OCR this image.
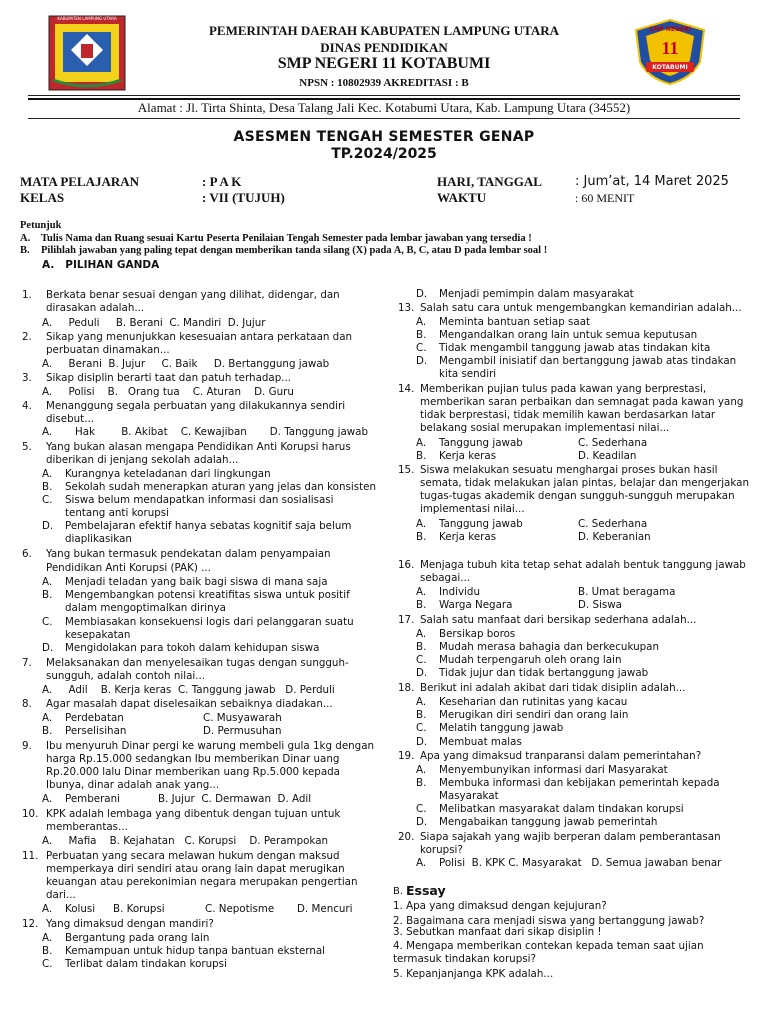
KABUPATEN LAMPUNG UTARA
SMP NEGERI
11
KOTABUMI
PEMERINTAH DAERAH KABUPATEN LAMPUNG UTARA
DINAS PENDIDIKAN
SMP NEGERI 11 KOTABUMI
NPSN : 10802939 AKREDITASI : B
Alamat : Jl. Tirta Shinta, Desa Talang Jali Kec. Kotabumi Utara, Kab. Lampung Utara (34552)
ASESMEN TENGAH SEMESTER GENAP
TP.2024/2025
MATA PELAJARAN	: P A K
KELAS	: VII (TUJUH)
HARI, TANGGAL	: Jum’at, 14 Maret 2025
WAKTU	: 60 MENIT
Petunjuk
A. Tulis Nama dan Ruang sesuai Kartu Peserta Penilaian Tengah Semester pada lembar jawaban yang tersedia !
B. Pilihlah jawaban yang paling tepat dengan memberikan tanda silang (X) pada A, B, C, atau D pada lembar soal !
A.   PILIHAN GANDA
Berkata benar sesuai dengan yang dilihat, didengar, dan
dirasakan adalah...
A.     Peduli     B. Berani  C. Mandiri  D. Jujur
Sikap yang menunjukkan kesesuaian antara perkataan dan
perbuatan dinamakan...
A.     Berani  B. Jujur     C. Baik     D. Bertanggung jawab
Sikap disiplin berarti taat dan patuh terhadap...
A.     Polisi    B.   Orang tua    C. Aturan    D. Guru
Menanggung segala perbuatan yang dilakukannya sendiri
disebut...
A.       Hak        B. Akibat    C. Kewajiban       D. Tanggung jawab
Yang bukan alasan mengapa Pendidikan Anti Korupsi harus
diberikan di jenjang sekolah adalah...
A. Kurangnya keteladanan dari lingkungan
B. Sekolah sudah menerapkan aturan yang jelas dan konsisten
C. Siswa belum mendapatkan informasi dan sosialisasi
tentang anti korupsi
D. Pembelajaran efektif hanya sebatas kognitif saja belum
diaplikasikan
Yang bukan termasuk pendekatan dalam penyampaian
Pendidikan Anti Korupsi (PAK) ...
A. Menjadi teladan yang baik bagi siswa di mana saja
B. Mengembangkan potensi kreatifitas siswa untuk positif
dalam mengoptimalkan dirinya
C. Membiasakan konsekuensi logis dari pelanggaran suatu
kesepakatan
D. Mengidolakan para tokoh dalam kehidupan siswa
Melaksanakan dan menyelesaikan tugas dengan sungguh-
sungguh, adalah contoh nilai...
A.     Adil    B. Kerja keras  C. Tanggung jawab   D. Perduli
Agar masalah dapat diselesaikan sebaiknya diadakan...
A. Perdebatan	C. Musyawarah
B. Perselisihan	D. Permusuhan
Ibu menyuruh Dinar pergi ke warung membeli gula 1kg dengan
harga Rp.15.000 sedangkan Ibu memberikan Dinar uang
Rp.20.000 lalu Dinar memberikan uang Rp.5.000 kepada
Ibunya, dinar adalah anak yang...
A. Pemberani	B. Jujur  C. Dermawan  D. Adil
KPK adalah lembaga yang dibentuk dengan tujuan untuk
memberantas...
A.     Mafia    B. Kejahatan   C. Korupsi    D. Perampokan
Perbuatan yang secara melawan hukum dengan maksud
memperkaya diri sendiri atau orang lain dapat merugikan
keuangan atau perekonimian negara merupakan pengertian
dari...
A. Kolusi B. Korupsi	C. Nepotisme D. Mencuri
Yang dimaksud dengan mandiri?
A. Bergantung pada orang lain
B. Kemampuan untuk hidup tanpa bantuan eksternal
C. Terlibat dalam tindakan korupsi
D. Menjadi pemimpin dalam masyarakat
Salah satu cara untuk mengembangkan kemandirian adalah...
A. Meminta bantuan setiap saat
B. Mengandalkan orang lain untuk semua keputusan
C. Tidak mengambil tanggung jawab atas tindakan kita
D. Mengambil inisiatif dan bertanggung jawab atas tindakan
kita sendiri
Memberikan pujian tulus pada kawan yang berprestasi,
memberikan saran perbaikan dan semnagat pada kawan yang
tidak berprestasi, tidak memilih kawan berdasarkan latar
belakang sosial merupakan implementasi nilai...
A. Tanggung jawab	C. Sederhana
B. Kerja keras	D. Keadilan
Siswa melakukan sesuatu menghargai proses bukan hasil
semata, tidak melakukan jalan pintas, belajar dan mengerjakan
tugas-tugas akademik dengan sungguh-sungguh merupakan
implementasi nilai...
A. Tanggung jawab	C. Sederhana
B. Kerja keras	D. Keberanian
Menjaga tubuh kita tetap sehat adalah bentuk tanggung jawab
sebagai...
A. Individu	B. Umat beragama
B. Warga Negara	D. Siswa
Salah satu manfaat dari bersikap sederhana adalah...
A. Bersikap boros
B. Mudah merasa bahagia dan berkecukupan
C. Mudah terpengaruh oleh orang lain
D. Tidak jujur dan tidak bertanggung jawab
Berikut ini adalah akibat dari tidak disiplin adalah...
A. Keseharian dan rutinitas yang kacau
B. Merugikan diri sendiri dan orang lain
C. Melatih tanggung jawab
D. Membuat malas
Apa yang dimaksud tranparansi dalam pemerintahan?
A. Menyembunyikan informasi dari Masyarakat
B. Membuka informasi dan kebijakan pemerintah kepada
Masyarakat
C. Melibatkan masyarakat dalam tindakan korupsi
D. Mengabaikan tanggung jawab pemerintah
Siapa sajakah yang wajib berperan dalam pemberantasan
korupsi?
A. Polisi  B. KPK C. Masyarakat   D. Semua jawaban benar
1. Apa yang dimaksud dengan kejujuran?
2. Bagaimana cara menjadi siswa yang bertanggung jawab?
3. Sebutkan manfaat dari sikap disiplin !
4. Mengapa memberikan contekan kepada teman saat ujian
termasuk tindakan korupsi?
5. Kepanjanjanga KPK adalah...
1.
2.
3.
4.
5.
6.
7.
8.
9.
10.
11.
12.
13.
14.
15.
16.
17.
18.
19.
20.
B. Essay
